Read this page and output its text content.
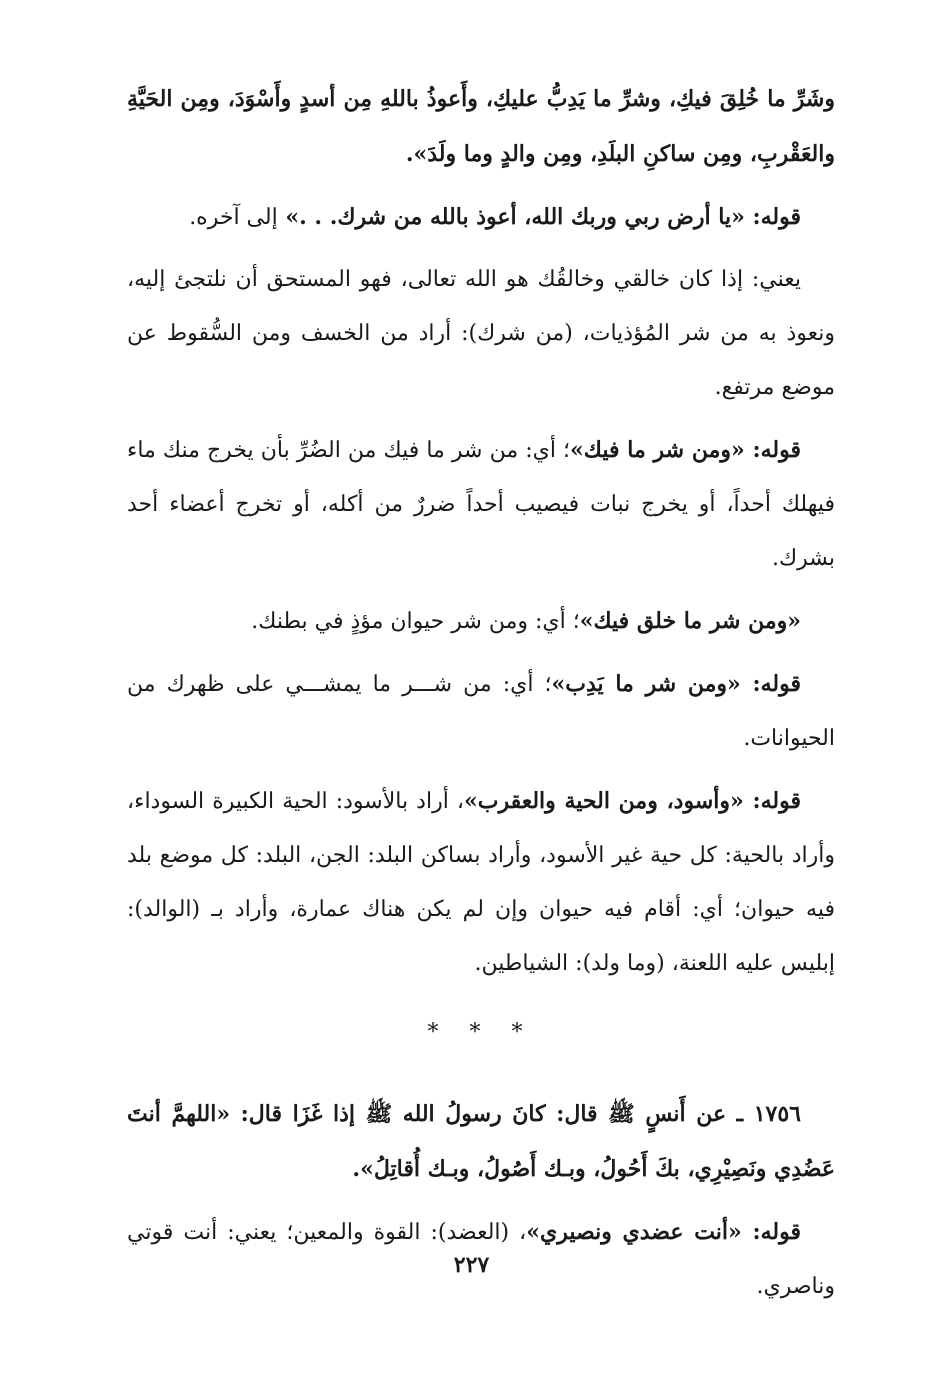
وشَرِّ ما خُلِقَ فيكِ، وشرِّ ما يَدِبُّ عليكِ، وأَعوذُ باللهِ مِن أسدٍ وأَسْوَدَ، ومِن الحَيَّةِ والعَقْربِ، ومِن ساكنِ البلَدِ، ومِن والدٍ وما ولَدَ».

قوله: «يا أرض ربي وربك الله، أعوذ بالله من شرك. . .» إلى آخره.

يعني: إذا كان خالقي وخالقُك هو الله تعالى، فهو المستحق أن نلتجئ إليه، ونعوذ به من شر المُؤذيات، (من شرك): أراد من الخسف ومن السُّقوط عن موضع مرتفع.

قوله: «ومن شر ما فيك»؛ أي: من شر ما فيك من الضُرِّ بأن يخرج منك ماء فيهلك أحداً، أو يخرج نبات فيصيب أحداً ضررٌ من أكله، أو تخرج أعضاء أحد بشرك.

«ومن شر ما خلق فيك»؛ أي: ومن شر حيوان مؤذٍ في بطنك.

قوله: «ومن شر ما يَدِب»؛ أي: من شـــر ما يمشـــي على ظهرك من الحيوانات.

قوله: «وأسود، ومن الحية والعقرب»، أراد بالأسود: الحية الكبيرة السوداء، وأراد بالحية: كل حية غير الأسود، وأراد بساكن البلد: الجن، البلد: كل موضع بلد فيه حيوان؛ أي: أقام فيه حيوان وإن لم يكن هناك عمارة، وأراد بـ (الوالد): إبليس عليه اللعنة، (وما ولد): الشياطين.

* * *

١٧٥٦ ـ عن أَنسٍ ﷺ قال: كانَ رسولُ الله ﷺ إذا غَزَا قال: «اللهمَّ أنتَ عَضُدِي ونَصِيْرِي، بكَ أَحُولُ، وبـك أَصُولُ، وبـك أُقاتِلُ».

قوله: «أنت عضدي ونصيري»، (العضد): القوة والمعين؛ يعني: أنت قوتي وناصري.

٢٢٧
